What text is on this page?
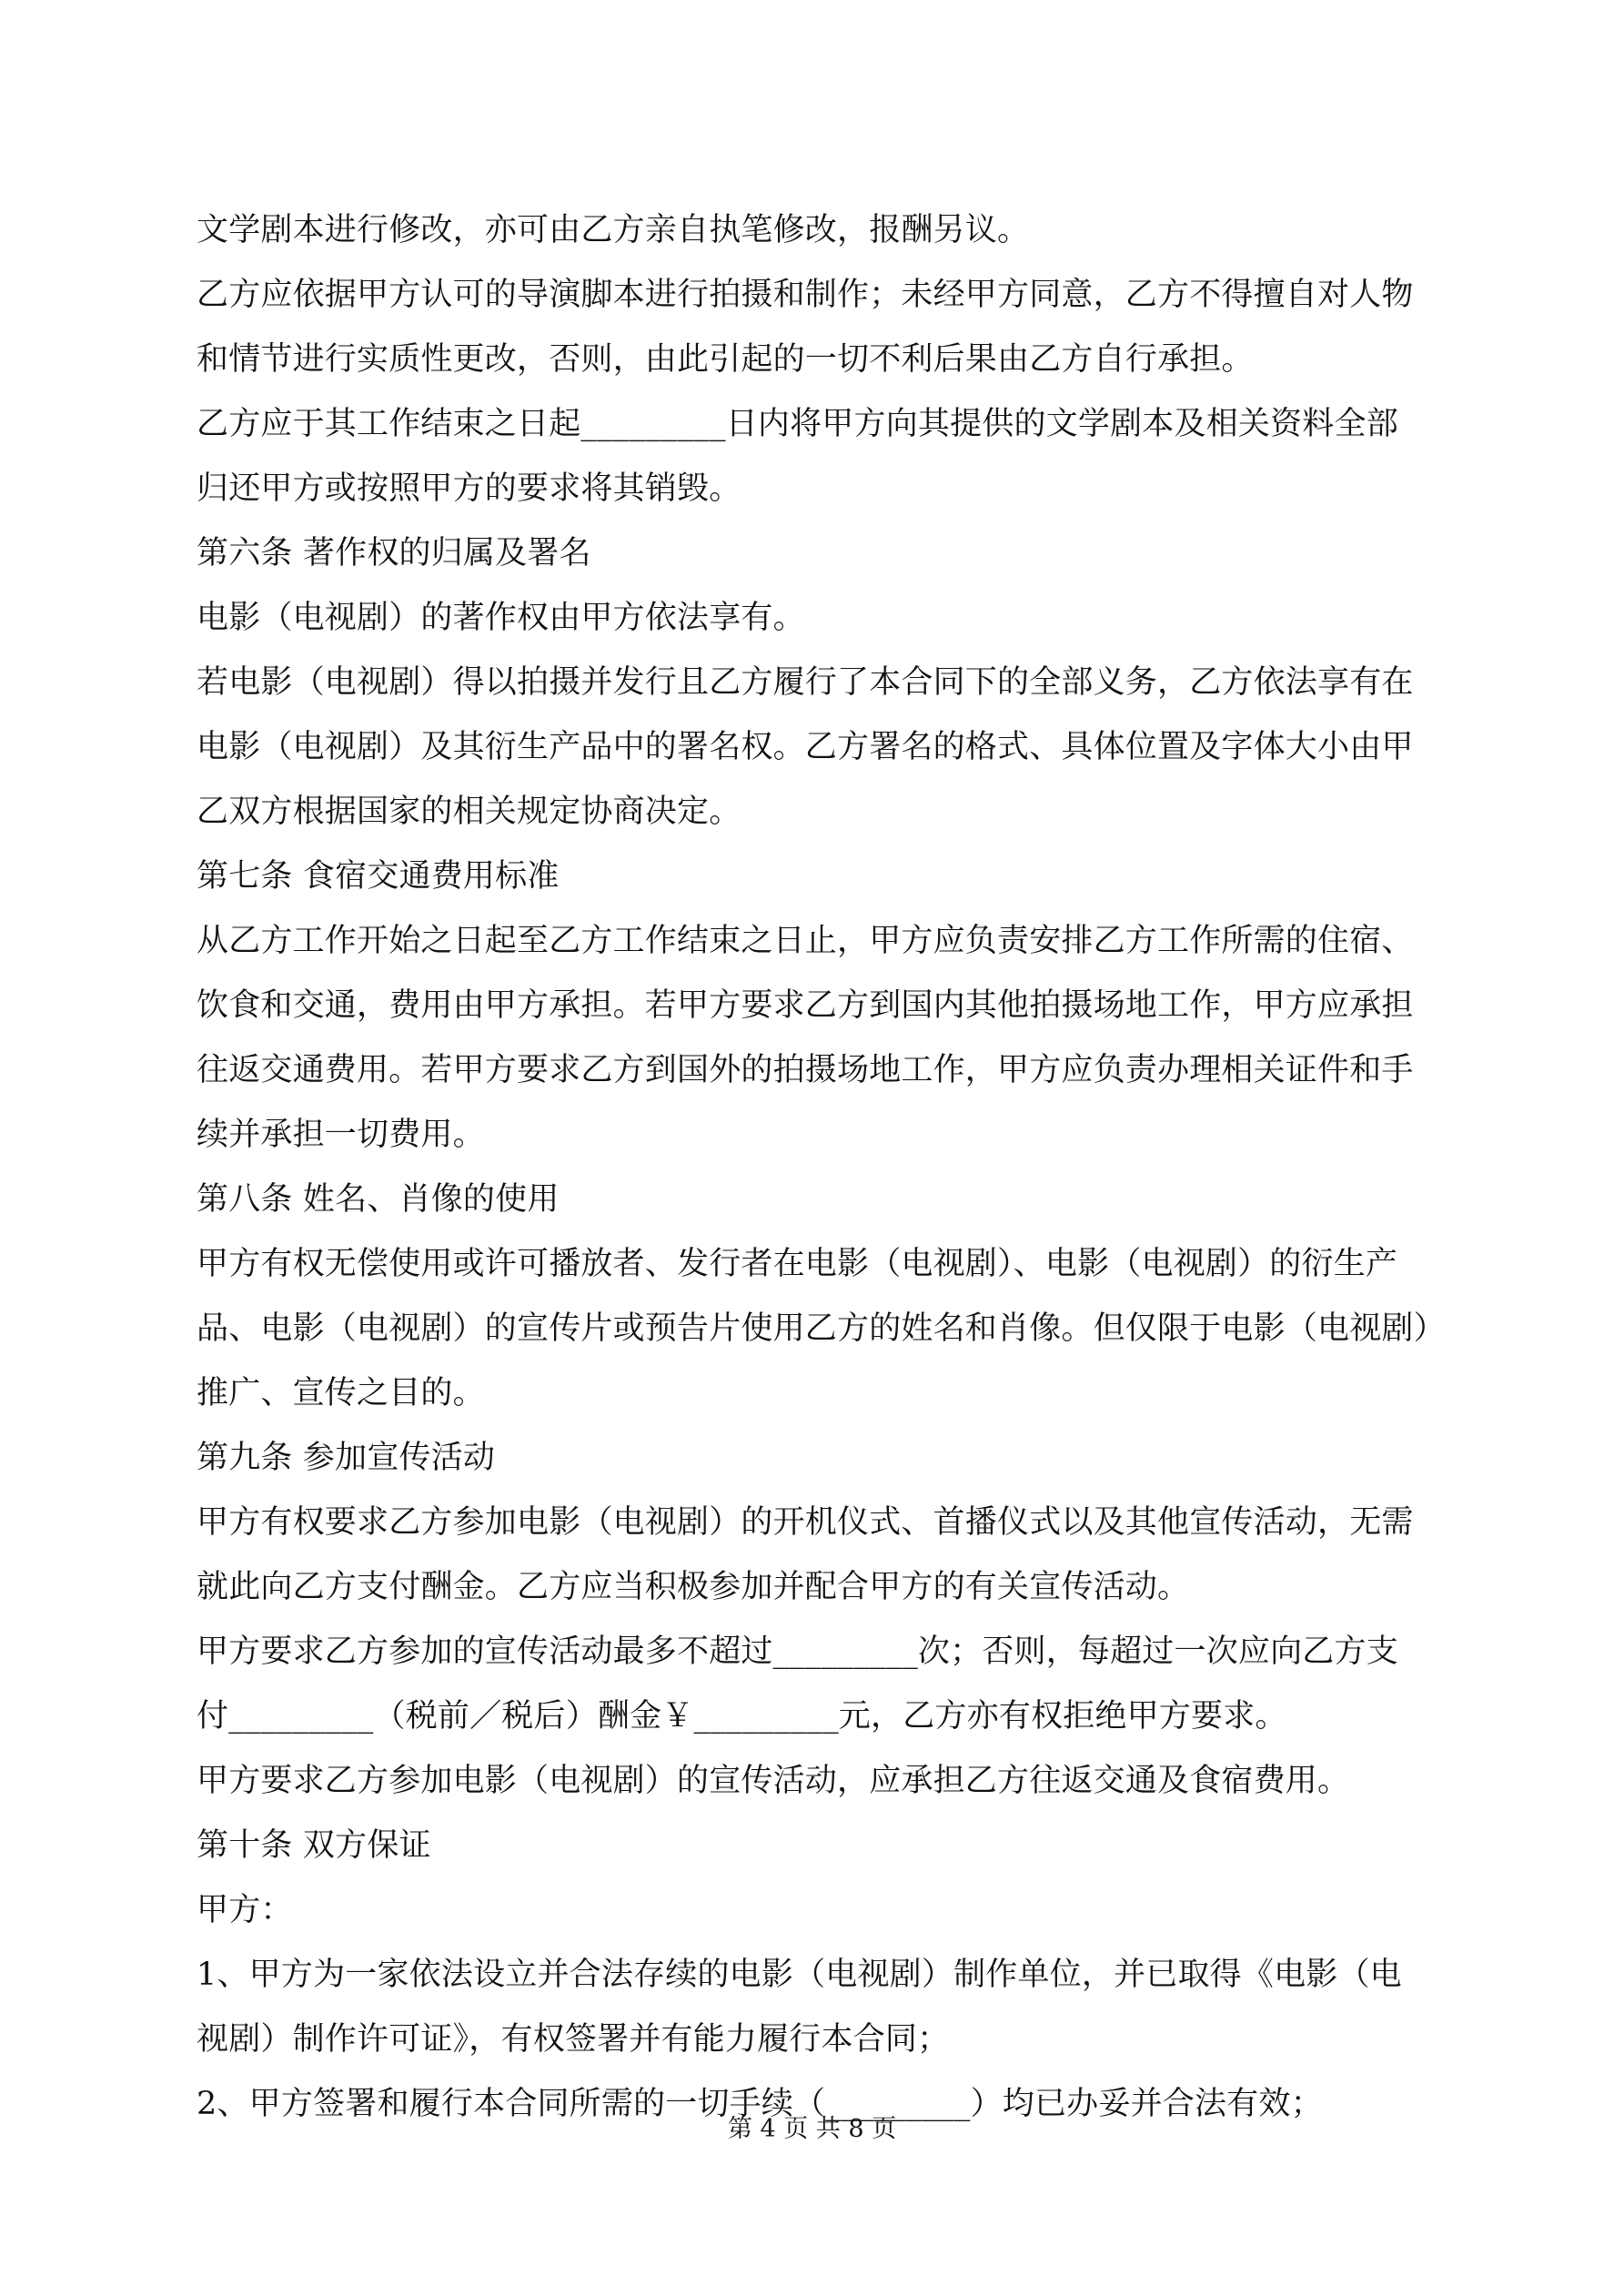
文学剧本进行修改，亦可由乙方亲自执笔修改，报酬另议。
乙方应依据甲方认可的导演脚本进行拍摄和制作；未经甲方同意，乙方不得擅自对人物
和情节进行实质性更改，否则，由此引起的一切不利后果由乙方自行承担。
乙方应于其工作结束之日起_________日内将甲方向其提供的文学剧本及相关资料全部
归还甲方或按照甲方的要求将其销毁。
第六条 著作权的归属及署名
电影（电视剧）的著作权由甲方依法享有。
若电影（电视剧）得以拍摄并发行且乙方履行了本合同下的全部义务，乙方依法享有在
电影（电视剧）及其衍生产品中的署名权。乙方署名的格式、具体位置及字体大小由甲
乙双方根据国家的相关规定协商决定。
第七条 食宿交通费用标准
从乙方工作开始之日起至乙方工作结束之日止，甲方应负责安排乙方工作所需的住宿、
饮食和交通，费用由甲方承担。若甲方要求乙方到国内其他拍摄场地工作，甲方应承担
往返交通费用。若甲方要求乙方到国外的拍摄场地工作，甲方应负责办理相关证件和手
续并承担一切费用。
第八条 姓名、肖像的使用
甲方有权无偿使用或许可播放者、发行者在电影（电视剧）、电影（电视剧）的衍生产
品、电影（电视剧）的宣传片或预告片使用乙方的姓名和肖像。但仅限于电影（电视剧）
推广、宣传之目的。
第九条 参加宣传活动
甲方有权要求乙方参加电影（电视剧）的开机仪式、首播仪式以及其他宣传活动，无需
就此向乙方支付酬金。乙方应当积极参加并配合甲方的有关宣传活动。
甲方要求乙方参加的宣传活动最多不超过_________次；否则，每超过一次应向乙方支
付_________（税前／税后）酬金￥_________元，乙方亦有权拒绝甲方要求。
甲方要求乙方参加电影（电视剧）的宣传活动，应承担乙方往返交通及食宿费用。
第十条 双方保证
甲方：
1、甲方为一家依法设立并合法存续的电影（电视剧）制作单位，并已取得《电影（电
视剧）制作许可证》，有权签署并有能力履行本合同；
2、甲方签署和履行本合同所需的一切手续（_________）均已办妥并合法有效；
第 4 页 共 8 页
